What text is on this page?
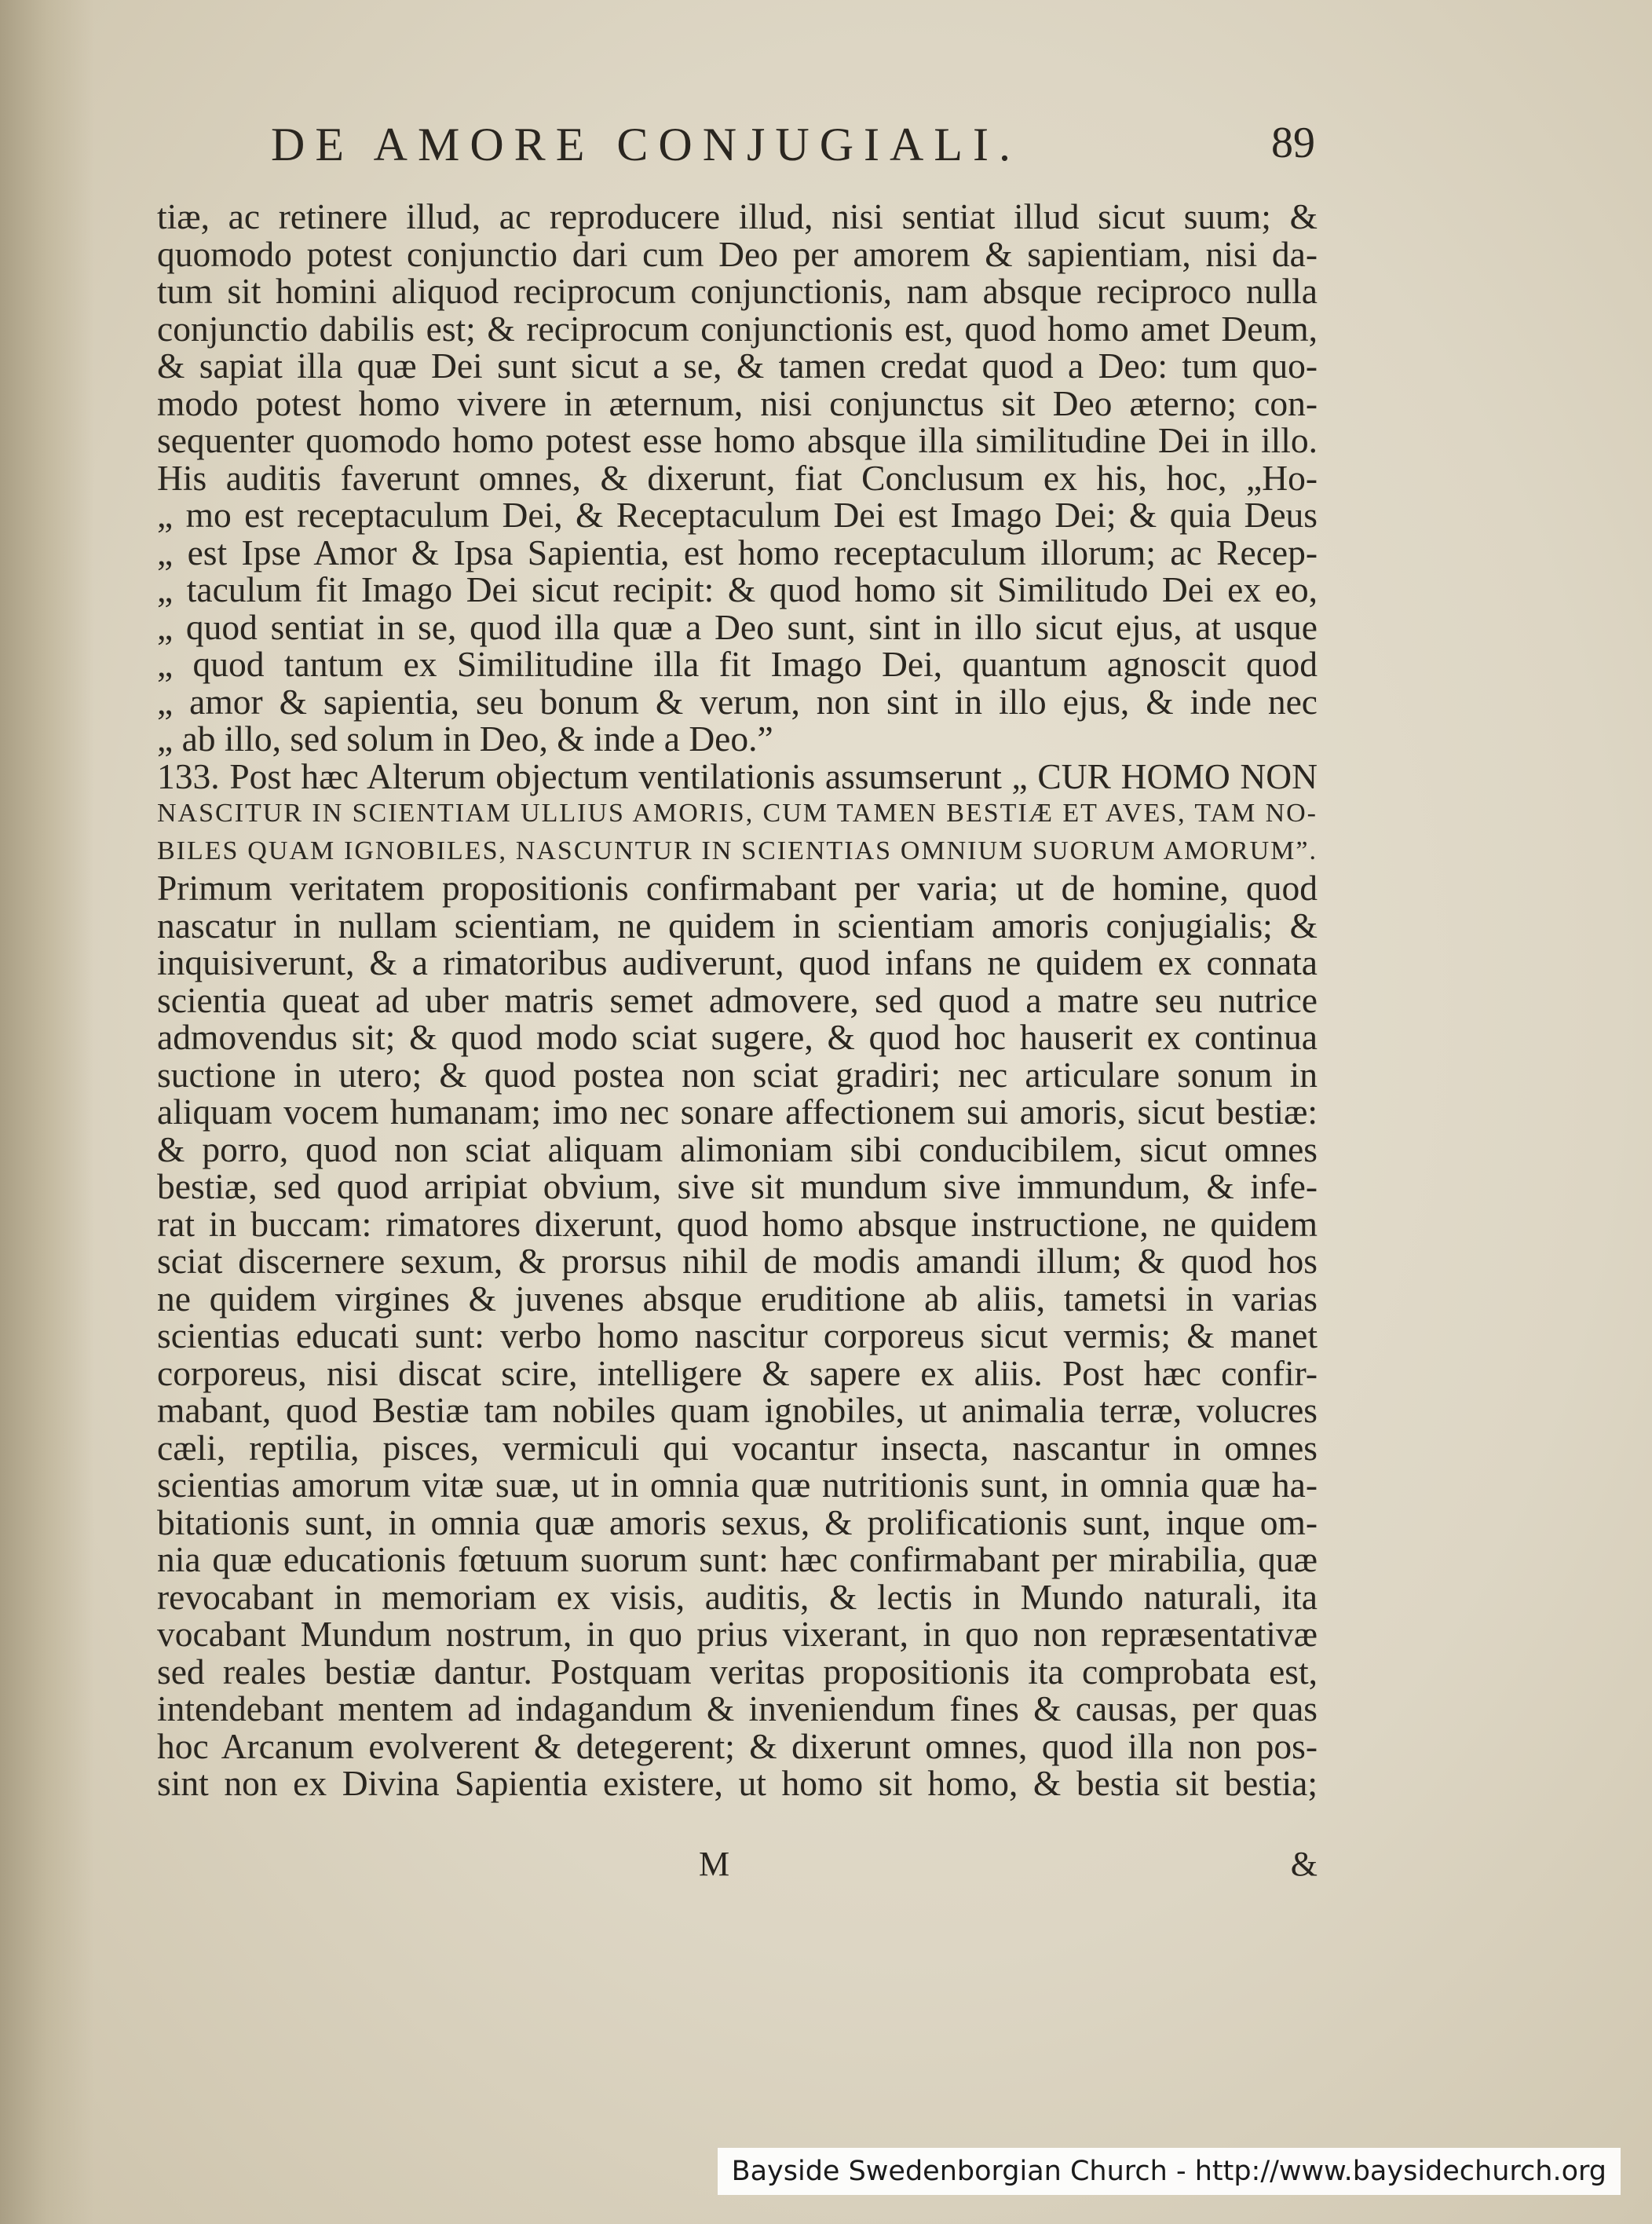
DE AMORE CONJUGIALI.	89
tiæ, ac retinere illud, ac reproducere illud, nisi sentiat illud sicut suum; &
quomodo potest conjunctio dari cum Deo per amorem & sapientiam, nisi da-
tum sit homini aliquod reciprocum conjunctionis, nam absque reciproco nulla
conjunctio dabilis est; & reciprocum conjunctionis est, quod homo amet Deum,
& sapiat illa quæ Dei sunt sicut a se, & tamen credat quod a Deo: tum quo-
modo potest homo vivere in æternum, nisi conjunctus sit Deo æterno; con-
sequenter quomodo homo potest esse homo absque illa similitudine Dei in illo.
His auditis faverunt omnes, & dixerunt, fiat Conclusum ex his, hoc, „Ho-
„ mo est receptaculum Dei, & Receptaculum Dei est Imago Dei; & quia Deus
„ est Ipse Amor & Ipsa Sapientia, est homo receptaculum illorum; ac Recep-
„ taculum fit Imago Dei sicut recipit: & quod homo sit Similitudo Dei ex eo,
„ quod sentiat in se, quod illa quæ a Deo sunt, sint in illo sicut ejus, at usque
„ quod tantum ex Similitudine illa fit Imago Dei, quantum agnoscit quod
„ amor & sapientia, seu bonum & verum, non sint in illo ejus, & inde nec
„ ab illo, sed solum in Deo, & inde a Deo.”
133. Post hæc Alterum objectum ventilationis assumserunt „ CUR HOMO NON
NASCITUR IN SCIENTIAM ULLIUS AMORIS, CUM TAMEN BESTIÆ ET AVES, TAM NO-
BILES QUAM IGNOBILES, NASCUNTUR IN SCIENTIAS OMNIUM SUORUM AMORUM”.
Primum veritatem propositionis confirmabant per varia; ut de homine, quod
nascatur in nullam scientiam, ne quidem in scientiam amoris conjugialis; &
inquisiverunt, & a rimatoribus audiverunt, quod infans ne quidem ex connata
scientia queat ad uber matris semet admovere, sed quod a matre seu nutrice
admovendus sit; & quod modo sciat sugere, & quod hoc hauserit ex continua
suctione in utero; & quod postea non sciat gradiri; nec articulare sonum in
aliquam vocem humanam; imo nec sonare affectionem sui amoris, sicut bestiæ:
& porro, quod non sciat aliquam alimoniam sibi conducibilem, sicut omnes
bestiæ, sed quod arripiat obvium, sive sit mundum sive immundum, & infe-
rat in buccam: rimatores dixerunt, quod homo absque instructione, ne quidem
sciat discernere sexum, & prorsus nihil de modis amandi illum; & quod hos
ne quidem virgines & juvenes absque eruditione ab aliis, tametsi in varias
scientias educati sunt: verbo homo nascitur corporeus sicut vermis; & manet
corporeus, nisi discat scire, intelligere & sapere ex aliis. Post hæc confir-
mabant, quod Bestiæ tam nobiles quam ignobiles, ut animalia terræ, volucres
cæli, reptilia, pisces, vermiculi qui vocantur insecta, nascantur in omnes
scientias amorum vitæ suæ, ut in omnia quæ nutritionis sunt, in omnia quæ ha-
bitationis sunt, in omnia quæ amoris sexus, & prolificationis sunt, inque om-
nia quæ educationis fœtuum suorum sunt: hæc confirmabant per mirabilia, quæ
revocabant in memoriam ex visis, auditis, & lectis in Mundo naturali, ita
vocabant Mundum nostrum, in quo prius vixerant, in quo non repræsentativæ
sed reales bestiæ dantur. Postquam veritas propositionis ita comprobata est,
intendebant mentem ad indagandum & inveniendum fines & causas, per quas
hoc Arcanum evolverent & detegerent; & dixerunt omnes, quod illa non pos-
sint non ex Divina Sapientia existere, ut homo sit homo, & bestia sit bestia;
M	&
Bayside Swedenborgian Church - http://www.baysidechurch.org
